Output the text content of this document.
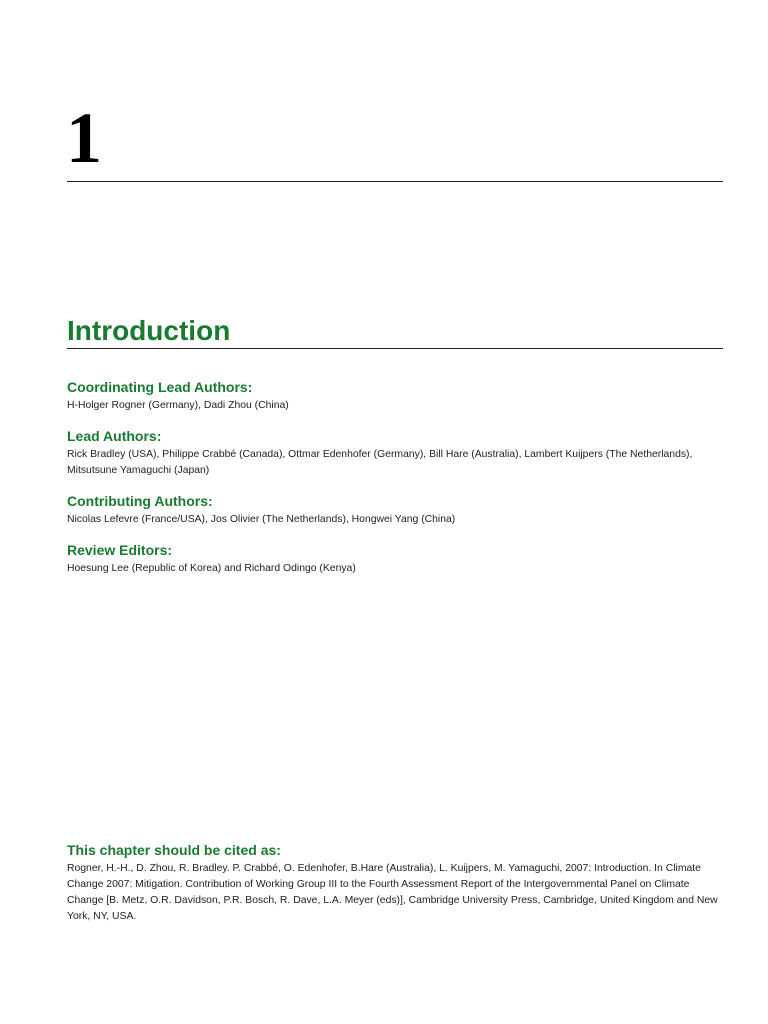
1
Introduction
Coordinating Lead Authors:

H-Holger Rogner (Germany), Dadi Zhou (China)

Lead Authors:

Rick Bradley (USA), Philippe Crabbé (Canada), Ottmar Edenhofer (Germany), Bill Hare (Australia), Lambert Kuijpers (The Netherlands), Mitsutsune Yamaguchi (Japan)

Contributing Authors:

Nicolas Lefevre (France/USA), Jos Olivier (The Netherlands), Hongwei Yang (China)

Review Editors:

Hoesung Lee (Republic of Korea) and Richard Odingo (Kenya)

This chapter should be cited as:

Rogner, H.-H., D. Zhou, R. Bradley. P. Crabbé, O. Edenhofer, B.Hare (Australia), L. Kuijpers, M. Yamaguchi, 2007: Introduction. In Climate Change 2007: Mitigation. Contribution of Working Group III to the Fourth Assessment Report of the Intergovernmental Panel on Climate Change [B. Metz, O.R. Davidson, P.R. Bosch, R. Dave, L.A. Meyer (eds)], Cambridge University Press, Cambridge, United Kingdom and New York, NY, USA.
